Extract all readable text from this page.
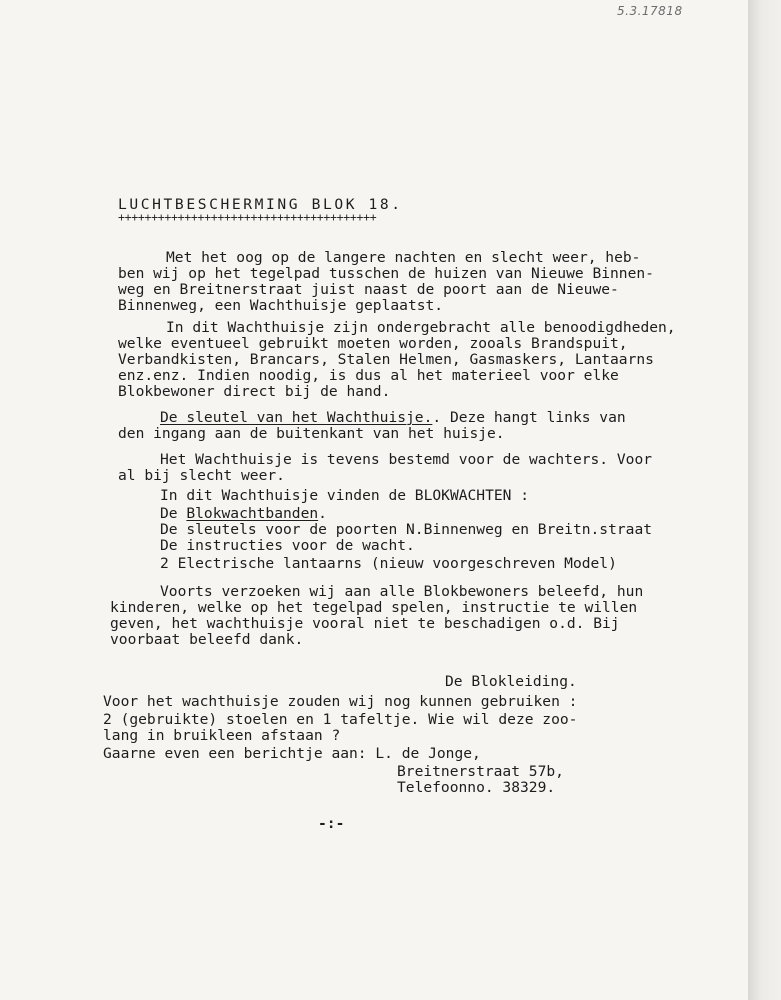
5.3.17818
LUCHTBESCHERMING BLOK 18.
+++++++++++++++++++++++++++++++++++++++
Met het oog op de langere nachten en slecht weer, heb-
ben wij op het tegelpad tusschen de huizen van Nieuwe Binnen-
weg en Breitnerstraat juist naast de poort aan de Nieuwe-
Binnenweg, een Wachthuisje geplaatst.
In dit Wachthuisje zijn ondergebracht alle benoodigdheden,
welke eventueel gebruikt moeten worden, zooals Brandspuit,
Verbandkisten, Brancars, Stalen Helmen, Gasmaskers, Lantaarns
enz.enz. Indien noodig, is dus al het materieel voor elke
Blokbewoner direct bij de hand.
De sleutel van het Wachthuisje.. Deze hangt links van
den ingang aan de buitenkant van het huisje.
Het Wachthuisje is tevens bestemd voor de wachters. Voor
al bij slecht weer.
In dit Wachthuisje vinden de BLOKWACHTEN :
De Blokwachtbanden.
De sleutels voor de poorten N.Binnenweg en Breitn.straat
De instructies voor de wacht.
2 Electrische lantaarns (nieuw voorgeschreven Model)
Voorts verzoeken wij aan alle Blokbewoners beleefd, hun
kinderen, welke op het tegelpad spelen, instructie te willen
geven, het wachthuisje vooral niet te beschadigen o.d. Bij
voorbaat beleefd dank.
De Blokleiding.
Voor het wachthuisje zouden wij nog kunnen gebruiken :
2 (gebruikte) stoelen en 1 tafeltje. Wie wil deze zoo-
lang in bruikleen afstaan ?
Gaarne even een berichtje aan: L. de Jonge,
Breitnerstraat 57b,
Telefoonno. 38329.
-:-
